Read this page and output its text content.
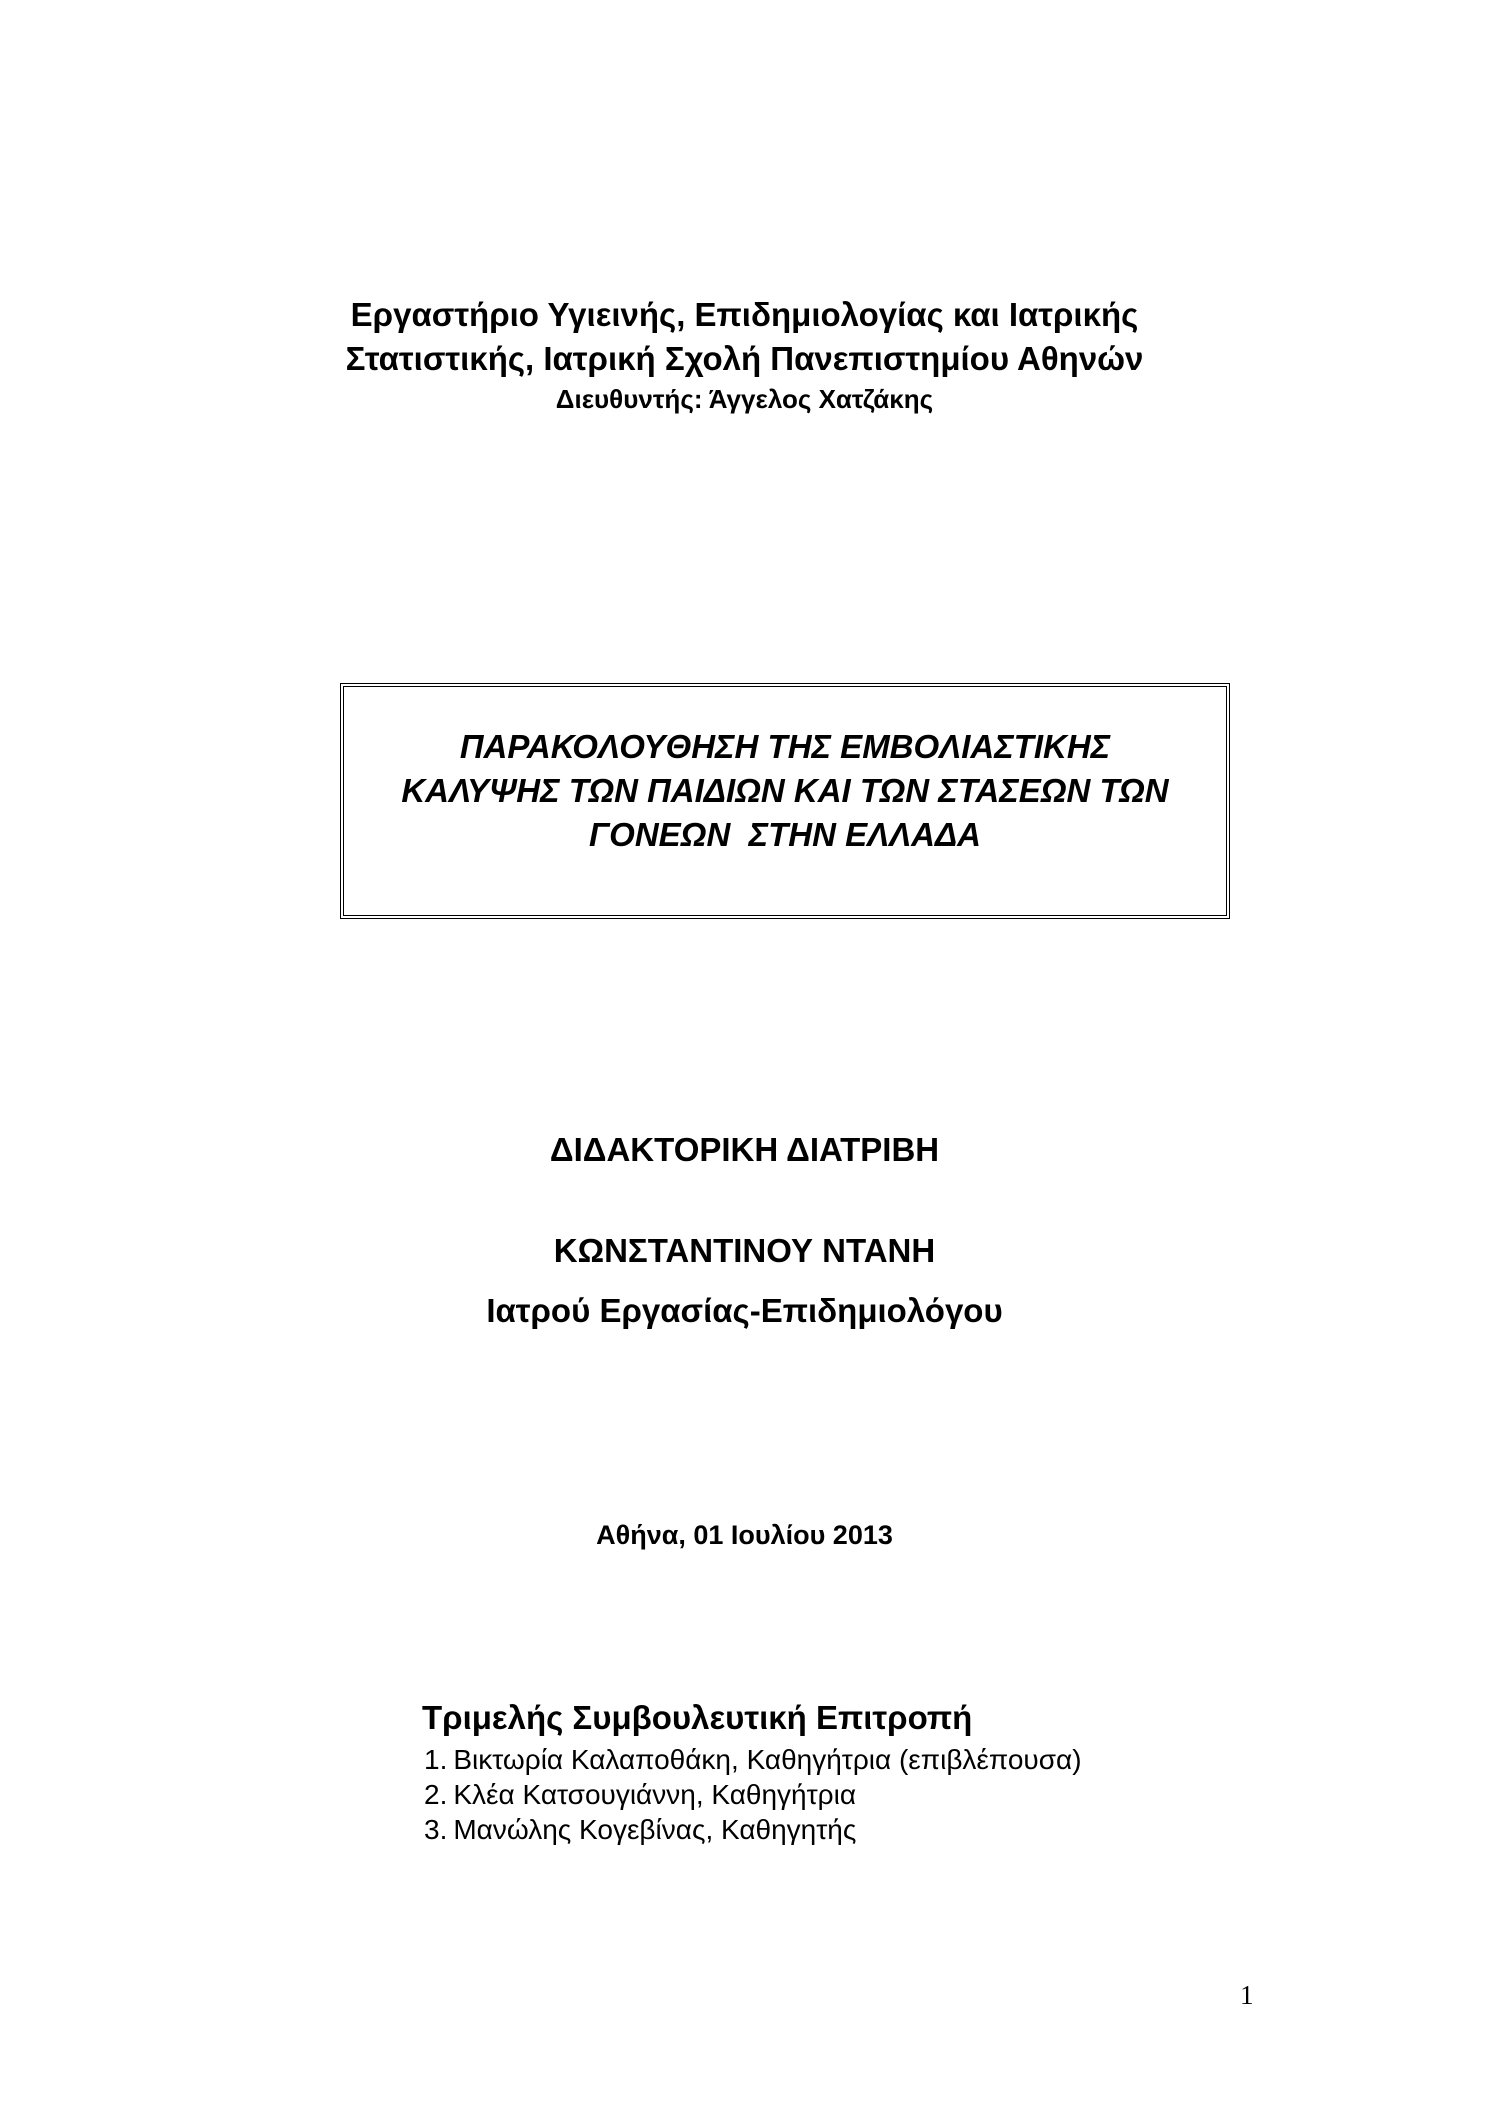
Εργαστήριο Υγιεινής, Επιδημιολογίας και Ιατρικής
Στατιστικής, Ιατρική Σχολή Πανεπιστημίου Αθηνών
Διευθυντής: Άγγελος Χατζάκης
ΠΑΡΑΚΟΛΟΥΘΗΣΗ ΤΗΣ ΕΜΒΟΛΙΑΣΤΙΚΗΣ
ΚΑΛΥΨΗΣ ΤΩΝ ΠΑΙΔΙΩΝ ΚΑΙ ΤΩΝ ΣΤΑΣΕΩΝ ΤΩΝ
ΓΟΝΕΩΝ  ΣΤΗΝ ΕΛΛΑΔΑ
ΔΙΔΑΚΤΟΡΙΚΗ ΔΙΑΤΡΙΒΗ
ΚΩΝΣΤΑΝΤΙΝΟΥ ΝΤΑΝΗ
Ιατρού Εργασίας-Επιδημιολόγου
Αθήνα, 01 Ιουλίου 2013
Τριμελής Συμβουλευτική Επιτροπή
1. Βικτωρία Καλαποθάκη, Καθηγήτρια (επιβλέπουσα)
2. Κλέα Κατσουγιάννη, Καθηγήτρια
3. Μανώλης Κογεβίνας, Καθηγητής
1
